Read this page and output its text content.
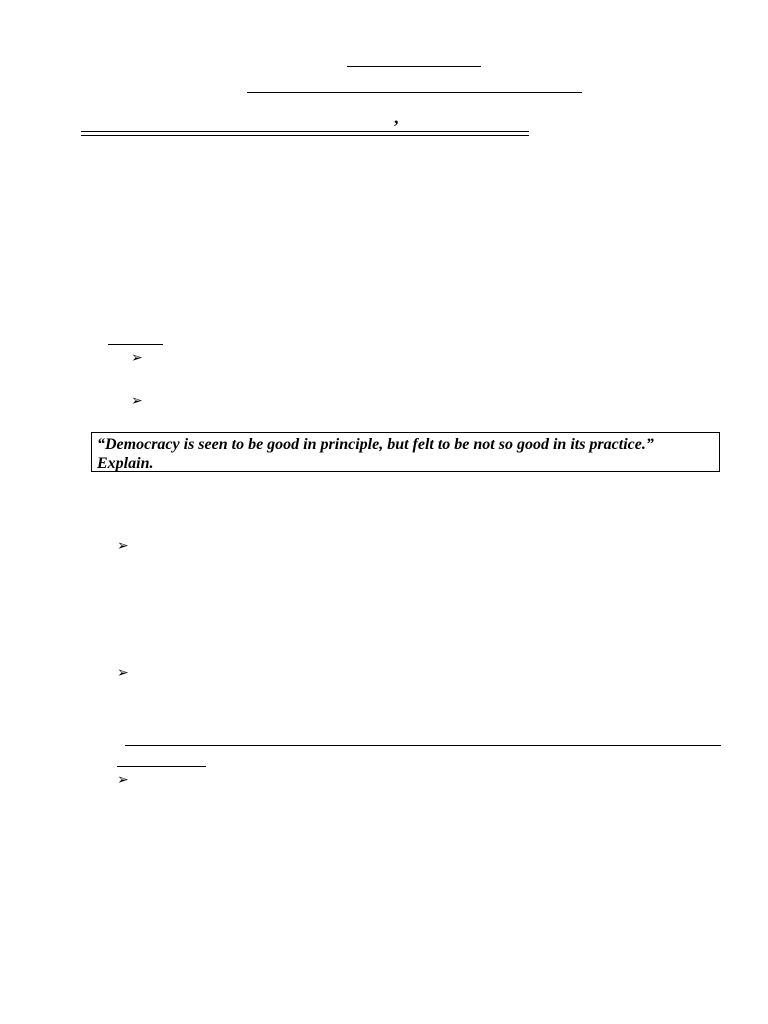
,
➢
➢
“Democracy is seen to be good in principle, but felt to be not so good in its practice.” Explain.
➢
➢
➢
